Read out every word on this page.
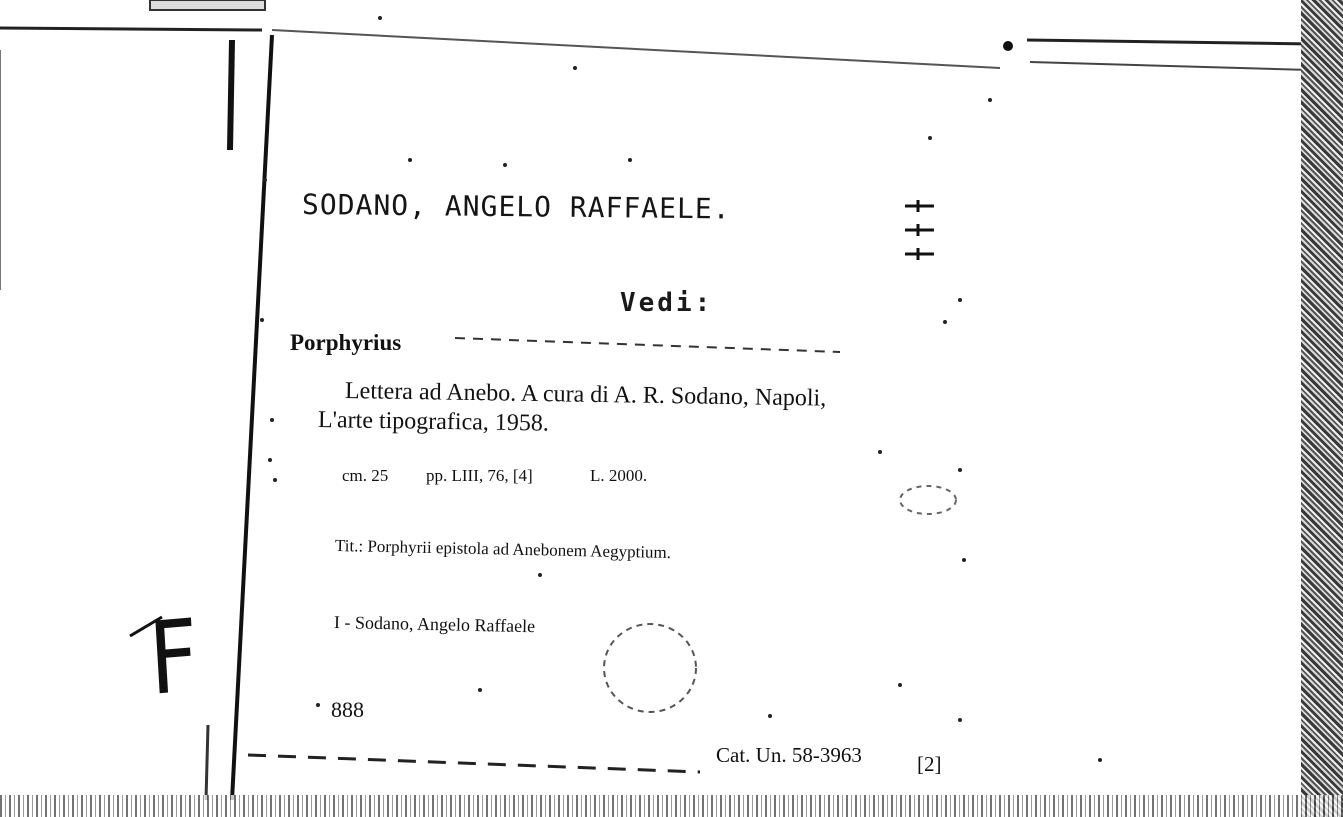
SODANO, ANGELO RAFFAELE.
Vedi:
Porphyrius
Lettera ad Anebo. A cura di A. R. Sodano, Napoli,
L'arte tipografica, 1958.
cm. 25 pp. LIII, 76, [4]	L. 2000.
Tit.: Porphyrii epistola ad Anebonem Aegyptium.
I - Sodano, Angelo Raffaele
888
Cat. Un. 58-3963	[2]
F
